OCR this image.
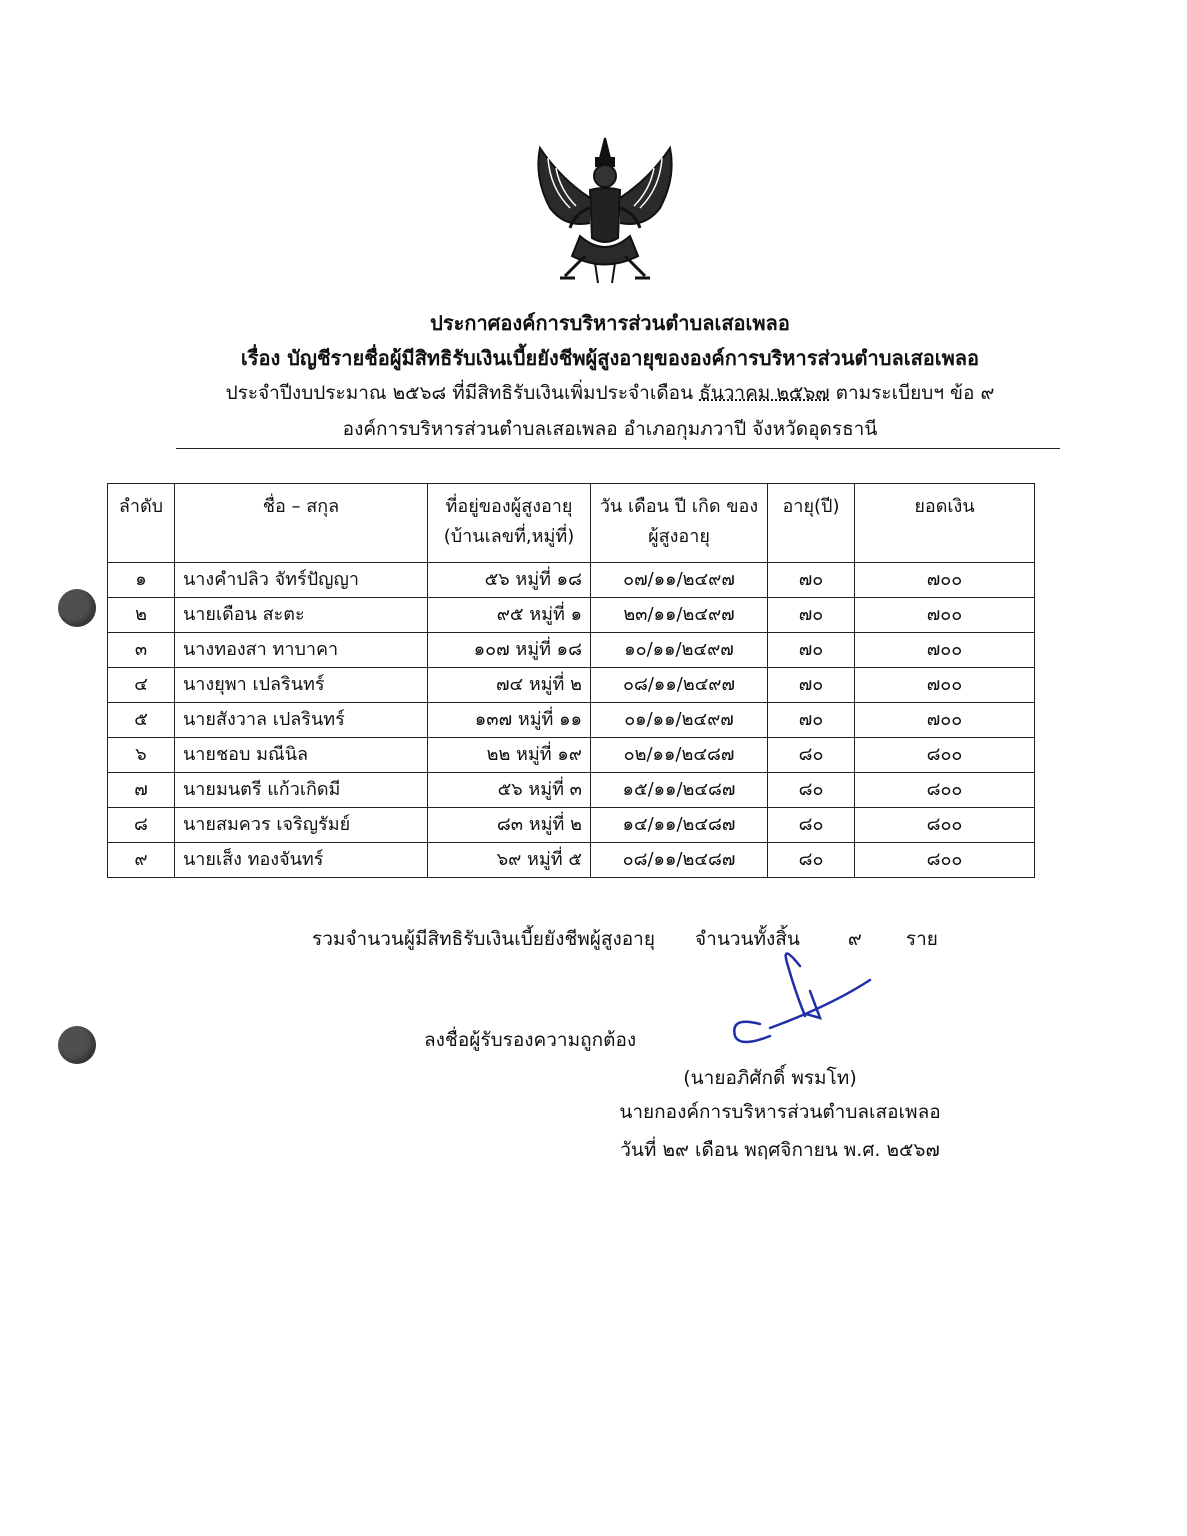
ประกาศองค์การบริหารส่วนตำบลเสอเพลอ
เรื่อง บัญชีรายชื่อผู้มีสิทธิรับเงินเบี้ยยังชีพผู้สูงอายุขององค์การบริหารส่วนตำบลเสอเพลอ
ประจำปีงบประมาณ ๒๕๖๘ ที่มีสิทธิรับเงินเพิ่มประจำเดือน ธันวาคม ๒๕๖๗ ตามระเบียบฯ ข้อ ๙
องค์การบริหารส่วนตำบลเสอเพลอ อำเภอกุมภวาปี จังหวัดอุดรธานี
ลำดับ	ชื่อ – สกุล	ที่อยู่ของผู้สูงอายุ (บ้านเลขที่,หมู่ที่)	วัน เดือน ปี เกิด ของผู้สูงอายุ	อายุ(ปี)	ยอดเงิน
๑	นางคำปลิว จัทร์ปัญญา	๕๖ หมู่ที่ ๑๘	๐๗/๑๑/๒๔๙๗	๗๐	๗๐๐
๒	นายเดือน สะตะ	๙๕ หมู่ที่ ๑	๒๓/๑๑/๒๔๙๗	๗๐	๗๐๐
๓	นางทองสา ทาบาคา	๑๐๗ หมู่ที่ ๑๘	๑๐/๑๑/๒๔๙๗	๗๐	๗๐๐
๔	นางยุพา เปลรินทร์	๗๔ หมู่ที่ ๒	๐๘/๑๑/๒๔๙๗	๗๐	๗๐๐
๕	นายสังวาล เปลรินทร์	๑๓๗ หมู่ที่ ๑๑	๐๑/๑๑/๒๔๙๗	๗๐	๗๐๐
๖	นายชอบ มณีนิล	๒๒ หมู่ที่ ๑๙	๐๒/๑๑/๒๔๘๗	๘๐	๘๐๐
๗	นายมนตรี แก้วเกิดมี	๕๖ หมู่ที่ ๓	๑๕/๑๑/๒๔๘๗	๘๐	๘๐๐
๘	นายสมควร เจริญรัมย์	๘๓ หมู่ที่ ๒	๑๔/๑๑/๒๔๘๗	๘๐	๘๐๐
๙	นายเส็ง ทองจันทร์	๖๙ หมู่ที่ ๕	๐๘/๑๑/๒๔๘๗	๘๐	๘๐๐
รวมจำนวนผู้มีสิทธิรับเงินเบี้ยยังชีพผู้สูงอายุ จำนวนทั้งสิ้น	๙ ราย
ลงชื่อผู้รับรองความถูกต้อง
(นายอภิศักดิ์ พรมโท)
นายกองค์การบริหารส่วนตำบลเสอเพลอ
วันที่ ๒๙ เดือน พฤศจิกายน พ.ศ. ๒๕๖๗
